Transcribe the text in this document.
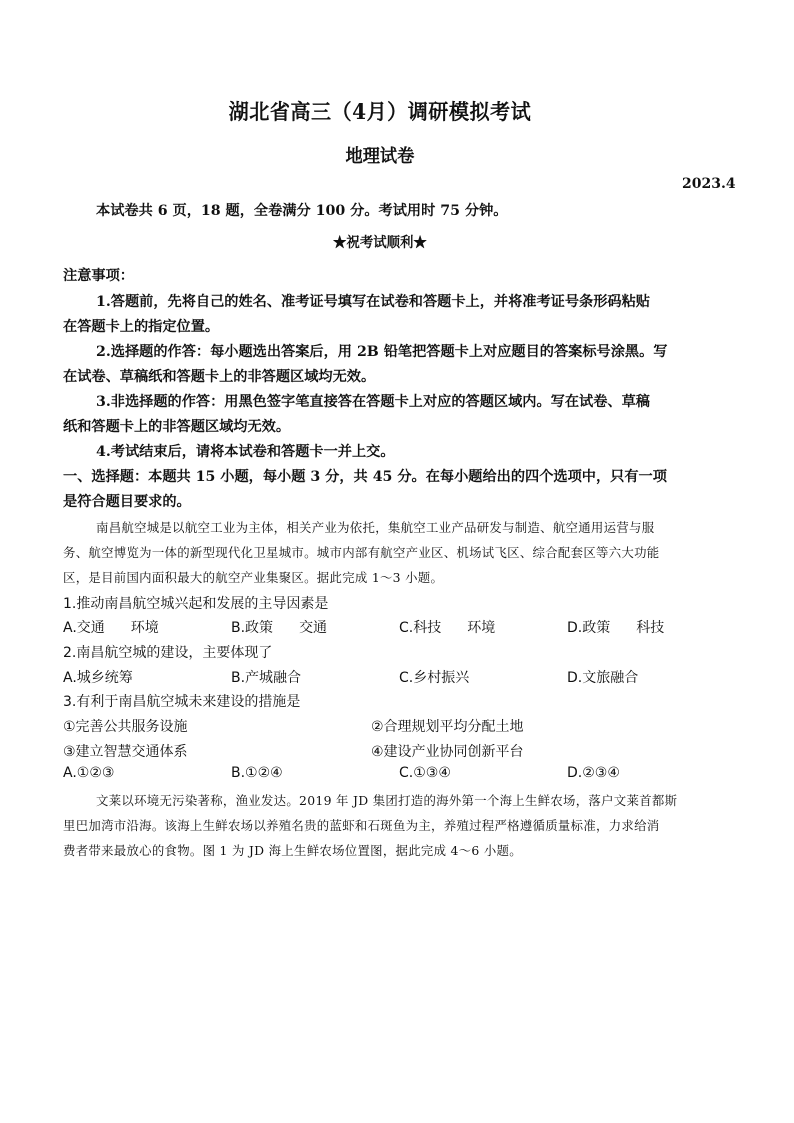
湖北省高三（4月）调研模拟考试
地理试卷
2023.4
本试卷共 6 页，18 题，全卷满分 100 分。考试用时 75 分钟。
★祝考试顺利★
注意事项：
1.答题前，先将自己的姓名、准考证号填写在试卷和答题卡上，并将准考证号条形码粘贴
在答题卡上的指定位置。
2.选择题的作答：每小题选出答案后，用 2B 铅笔把答题卡上对应题目的答案标号涂黑。写
在试卷、草稿纸和答题卡上的非答题区域均无效。
3.非选择题的作答：用黑色签字笔直接答在答题卡上对应的答题区域内。写在试卷、草稿
纸和答题卡上的非答题区域均无效。
4.考试结束后，请将本试卷和答题卡一并上交。
一、选择题：本题共 15 小题，每小题 3 分，共 45 分。在每小题给出的四个选项中，只有一项
是符合题目要求的。
南昌航空城是以航空工业为主体，相关产业为依托，集航空工业产品研发与制造、航空通用运营与服
务、航空博览为一体的新型现代化卫星城市。城市内部有航空产业区、机场试飞区、综合配套区等六大功能
区，是目前国内面积最大的航空产业集聚区。据此完成 1～3 小题。
1.推动南昌航空城兴起和发展的主导因素是
A.交通 环境	B.政策 交通	C.科技 环境	D.政策 科技
2.南昌航空城的建设，主要体现了
A.城乡统筹	B.产城融合	C.乡村振兴	D.文旅融合
3.有利于南昌航空城未来建设的措施是
①完善公共服务设施	②合理规划平均分配土地
③建立智慧交通体系	④建设产业协同创新平台
A.①②③	B.①②④	C.①③④	D.②③④
文莱以环境无污染著称，渔业发达。2019 年 JD 集团打造的海外第一个海上生鲜农场，落户文莱首都斯
里巴加湾市沿海。该海上生鲜农场以养殖名贵的蓝虾和石斑鱼为主，养殖过程严格遵循质量标准，力求给消
费者带来最放心的食物。图 1 为 JD 海上生鲜农场位置图，据此完成 4～6 小题。
